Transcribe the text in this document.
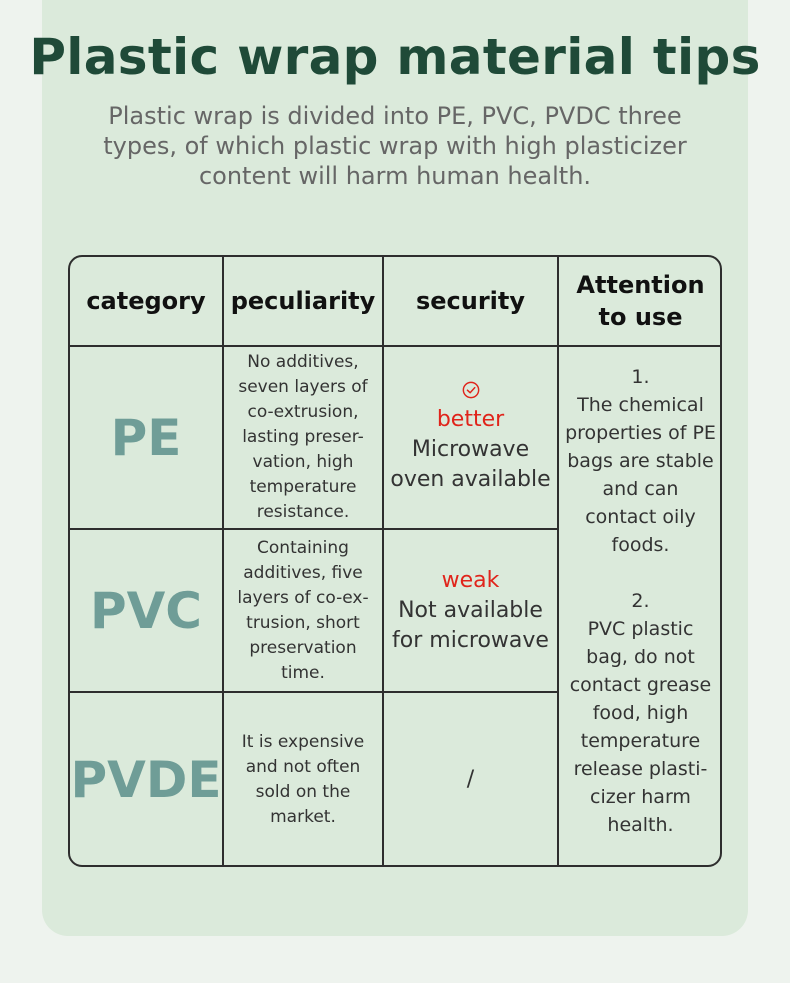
Plastic wrap material tips
Plastic wrap is divided into PE, PVC, PVDC three types, of which plastic wrap with high plasticizer content will harm human health.
category	peculiarity	security
Attention to use
PE
No additives, seven layers of co-extrusion, lasting preser-vation, high temperature resistance.
better
Microwave oven available
PVC
Containing additives, five layers of co-ex-trusion, short preservation time.
weak
Not available for microwave
PVDE
It is expensive and not often sold on the market.
/
1.
The chemical properties of PE bags are stable and can contact oily foods.
2.
PVC plastic bag, do not contact grease food, high temperature release plasti-cizer harm health.
